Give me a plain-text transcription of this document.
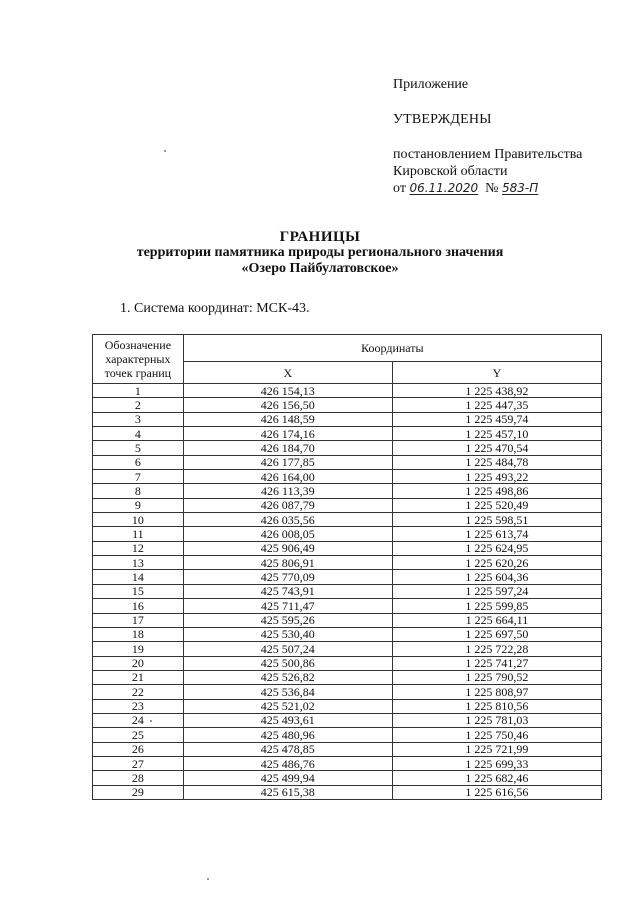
Приложение
УТВЕРЖДЕНЫ
постановлением Правительства
Кировской области
от 06.11.2020 № 583-П
ГРАНИЦЫ
территории памятника природы регионального значения
«Озеро Пайбулатовское»
1. Система координат: МСК-43.
Обозначение характерных точек границ	Координаты	
	X	Y
1	426 154,13	1 225 438,92
2	426 156,50	1 225 447,35
3	426 148,59	1 225 459,74
4	426 174,16	1 225 457,10
5	426 184,70	1 225 470,54
6	426 177,85	1 225 484,78
7	426 164,00	1 225 493,22
8	426 113,39	1 225 498,86
9	426 087,79	1 225 520,49
10	426 035,56	1 225 598,51
11	426 008,05	1 225 613,74
12	425 906,49	1 225 624,95
13	425 806,91	1 225 620,26
14	425 770,09	1 225 604,36
15	425 743,91	1 225 597,24
16	425 711,47	1 225 599,85
17	425 595,26	1 225 664,11
18	425 530,40	1 225 697,50
19	425 507,24	1 225 722,28
20	425 500,86	1 225 741,27
21	425 526,82	1 225 790,52
22	425 536,84	1 225 808,97
23	425 521,02	1 225 810,56
24	425 493,61	1 225 781,03
25	425 480,96	1 225 750,46
26	425 478,85	1 225 721,99
27	425 486,76	1 225 699,33
28	425 499,94	1 225 682,46
29	425 615,38	1 225 616,56
